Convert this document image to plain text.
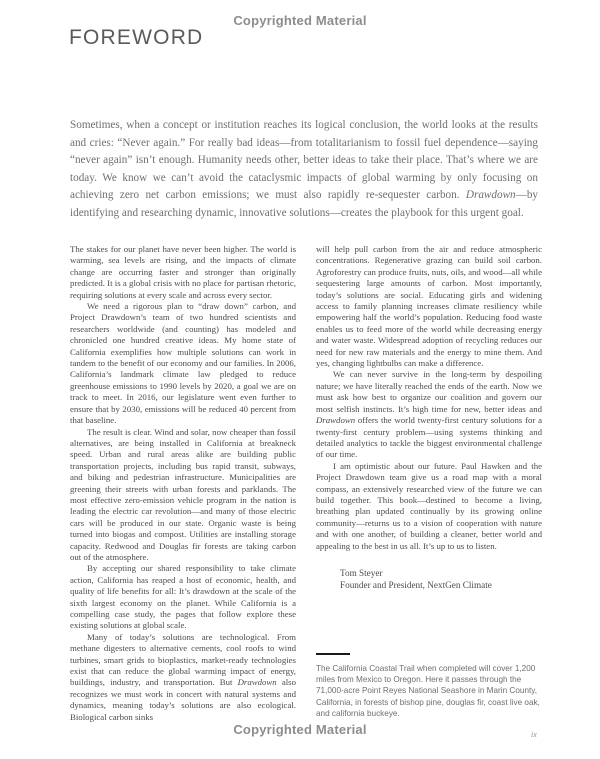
Copyrighted Material
FOREWORD

Sometimes, when a concept or institution reaches its logical conclusion, the world looks at the results and cries: “Never again.” For really bad ideas—from totalitarianism to fossil fuel dependence—saying “never again” isn’t enough. Humanity needs other, better ideas to take their place. That’s where we are today. We know we can’t avoid the cataclysmic impacts of global warming by only focusing on achieving zero net carbon emissions; we must also rapidly re-sequester carbon. Drawdown—by identifying and researching dynamic, innovative solutions—creates the playbook for this urgent goal.

The stakes for our planet have never been higher. The world is warming, sea levels are rising, and the impacts of climate change are occurring faster and stronger than originally predicted. It is a global crisis with no place for partisan rhetoric, requiring solutions at every scale and across every sector.

We need a rigorous plan to “draw down” carbon, and Project Drawdown’s team of two hundred scientists and researchers worldwide (and counting) has modeled and chronicled one hundred creative ideas. My home state of California exemplifies how multiple solutions can work in tandem to the benefit of our economy and our families. In 2006, California’s landmark climate law pledged to reduce greenhouse emissions to 1990 levels by 2020, a goal we are on track to meet. In 2016, our legislature went even further to ensure that by 2030, emissions will be reduced 40 percent from that baseline.

The result is clear. Wind and solar, now cheaper than fossil alternatives, are being installed in California at breakneck speed. Urban and rural areas alike are building public transportation projects, including bus rapid transit, subways, and biking and pedestrian infrastructure. Municipalities are greening their streets with urban forests and parklands. The most effective zero-emission vehicle program in the nation is leading the electric car revolution—and many of those electric cars will be produced in our state. Organic waste is being turned into biogas and compost. Utilities are installing storage capacity. Redwood and Douglas fir forests are taking carbon out of the atmosphere.

By accepting our shared responsibility to take climate action, California has reaped a host of economic, health, and quality of life benefits for all: It’s drawdown at the scale of the sixth largest economy on the planet. While California is a compelling case study, the pages that follow explore these existing solutions at global scale.

Many of today’s solutions are technological. From methane digesters to alternative cements, cool roofs to wind turbines, smart grids to bioplastics, market-ready technologies exist that can reduce the global warming impact of energy, buildings, industry, and transportation. But Drawdown also recognizes we must work in concert with natural systems and dynamics, meaning today’s solutions are also ecological. Biological carbon sinks

will help pull carbon from the air and reduce atmospheric concentrations. Regenerative grazing can build soil carbon. Agroforestry can produce fruits, nuts, oils, and wood—all while sequestering large amounts of carbon. Most importantly, today’s solutions are social. Educating girls and widening access to family planning increases climate resiliency while empowering half the world’s population. Reducing food waste enables us to feed more of the world while decreasing energy and water waste. Widespread adoption of recycling reduces our need for new raw materials and the energy to mine them. And yes, changing lightbulbs can make a difference.

We can never survive in the long-term by despoiling nature; we have literally reached the ends of the earth. Now we must ask how best to organize our coalition and govern our most selfish instincts. It’s high time for new, better ideas and Drawdown offers the world twenty-first century solutions for a twenty-first century problem—using systems thinking and detailed analytics to tackle the biggest environmental challenge of our time.

I am optimistic about our future. Paul Hawken and the Project Drawdown team give us a road map with a moral compass, an extensively researched view of the future we can build together. This book—destined to become a living, breathing plan updated continually by its growing online community—returns us to a vision of cooperation with nature and with one another, of building a cleaner, better world and appealing to the best in us all. It’s up to us to listen.

Tom Steyer
Founder and President, NextGen Climate

The California Coastal Trail when completed will cover 1,200 miles from Mexico to Oregon. Here it passes through the 71,000-acre Point Reyes National Seashore in Marin County, California, in forests of bishop pine, douglas fir, coast live oak, and california buckeye.

ix
Copyrighted Material
